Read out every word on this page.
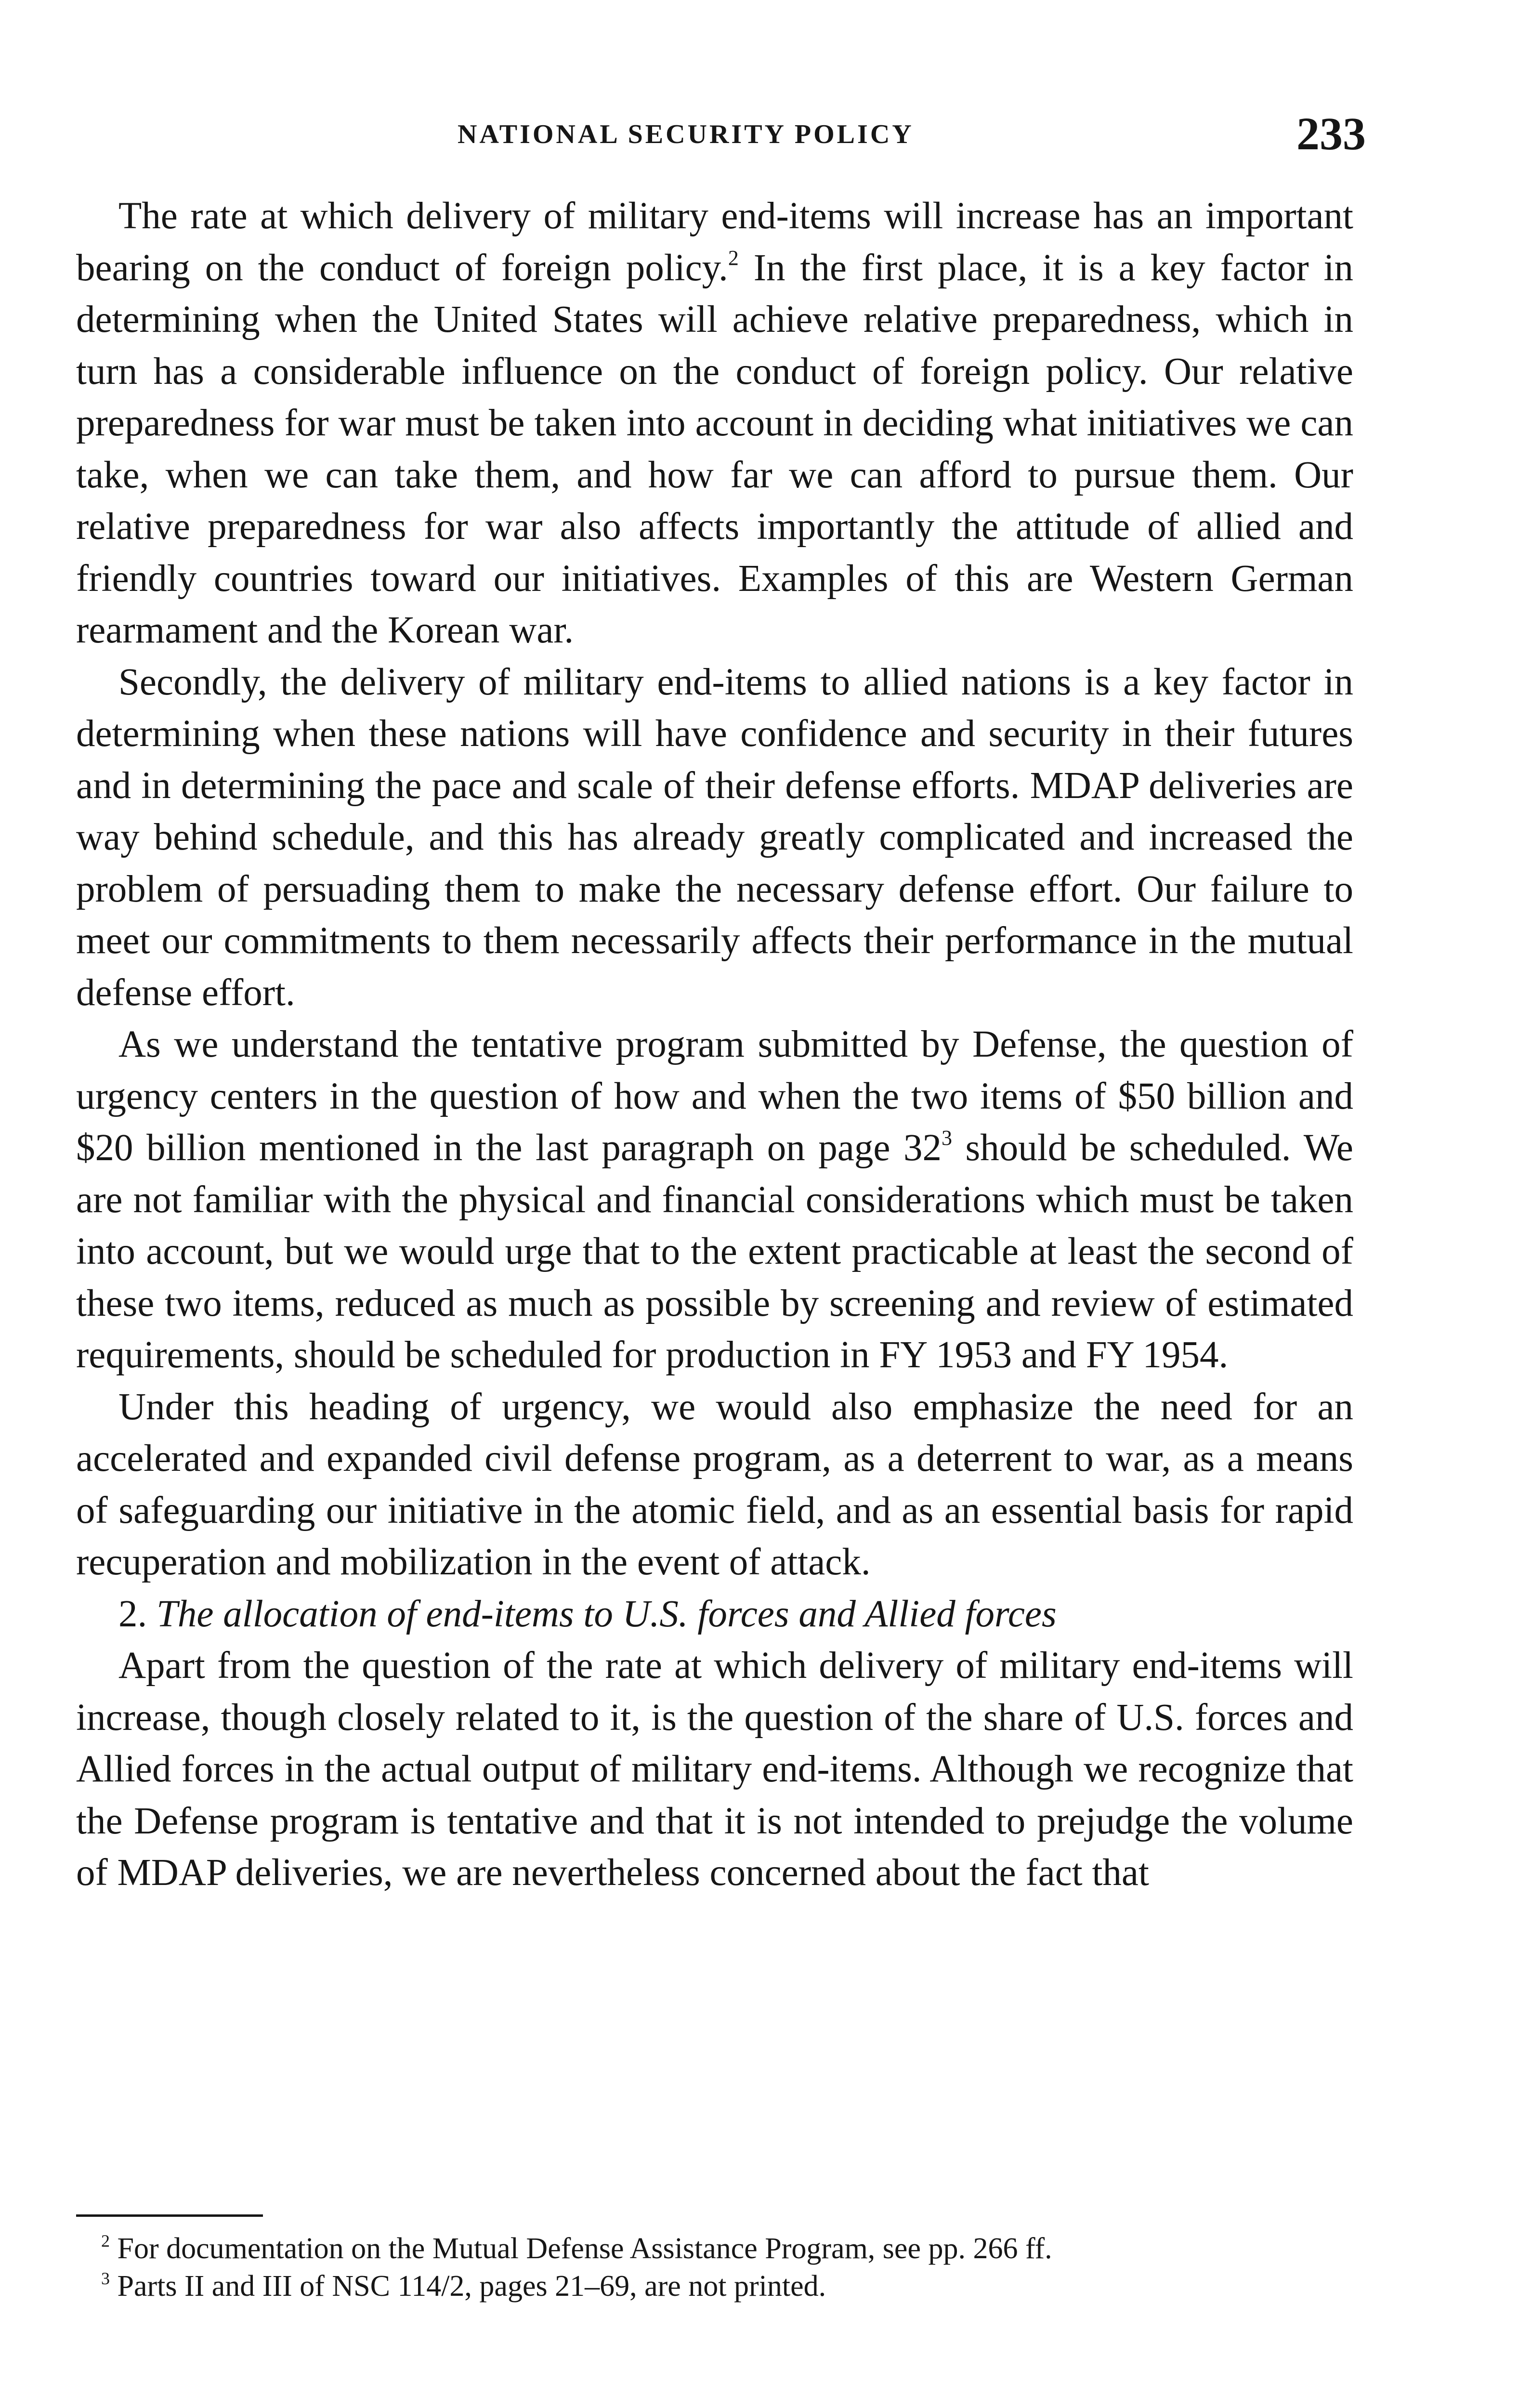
NATIONAL SECURITY POLICY	233

The rate at which delivery of military end-items will increase has an important bearing on the conduct of foreign policy.$^2$ In the first place, it is a key factor in determining when the United States will achieve relative preparedness, which in turn has a considerable influence on the conduct of foreign policy. Our relative preparedness for war must be taken into account in deciding what initiatives we can take, when we can take them, and how far we can afford to pursue them. Our relative preparedness for war also affects importantly the attitude of allied and friendly countries toward our initiatives. Examples of this are Western German rearmament and the Korean war.

Secondly, the delivery of military end-items to allied nations is a key factor in determining when these nations will have confidence and security in their futures and in determining the pace and scale of their defense efforts. MDAP deliveries are way behind schedule, and this has already greatly complicated and increased the problem of persuading them to make the necessary defense effort. Our failure to meet our commitments to them necessarily affects their performance in the mutual defense effort.

As we understand the tentative program submitted by Defense, the question of urgency centers in the question of how and when the two items of $50 billion and $20 billion mentioned in the last paragraph on page 32$^3$ should be scheduled. We are not familiar with the physical and financial considerations which must be taken into account, but we would urge that to the extent practicable at least the second of these two items, reduced as much as possible by screening and review of estimated requirements, should be scheduled for production in FY 1953 and FY 1954.

Under this heading of urgency, we would also emphasize the need for an accelerated and expanded civil defense program, as a deterrent to war, as a means of safeguarding our initiative in the atomic field, and as an essential basis for rapid recuperation and mobilization in the event of attack.

2. The allocation of end-items to U.S. forces and Allied forces

Apart from the question of the rate at which delivery of military end-items will increase, though closely related to it, is the question of the share of U.S. forces and Allied forces in the actual output of military end-items. Although we recognize that the Defense program is tentative and that it is not intended to prejudge the volume of MDAP deliveries, we are nevertheless concerned about the fact that

$^2$ For documentation on the Mutual Defense Assistance Program, see pp. 266 ff.

$^3$ Parts II and III of NSC 114/2, pages 21–69, are not printed.
